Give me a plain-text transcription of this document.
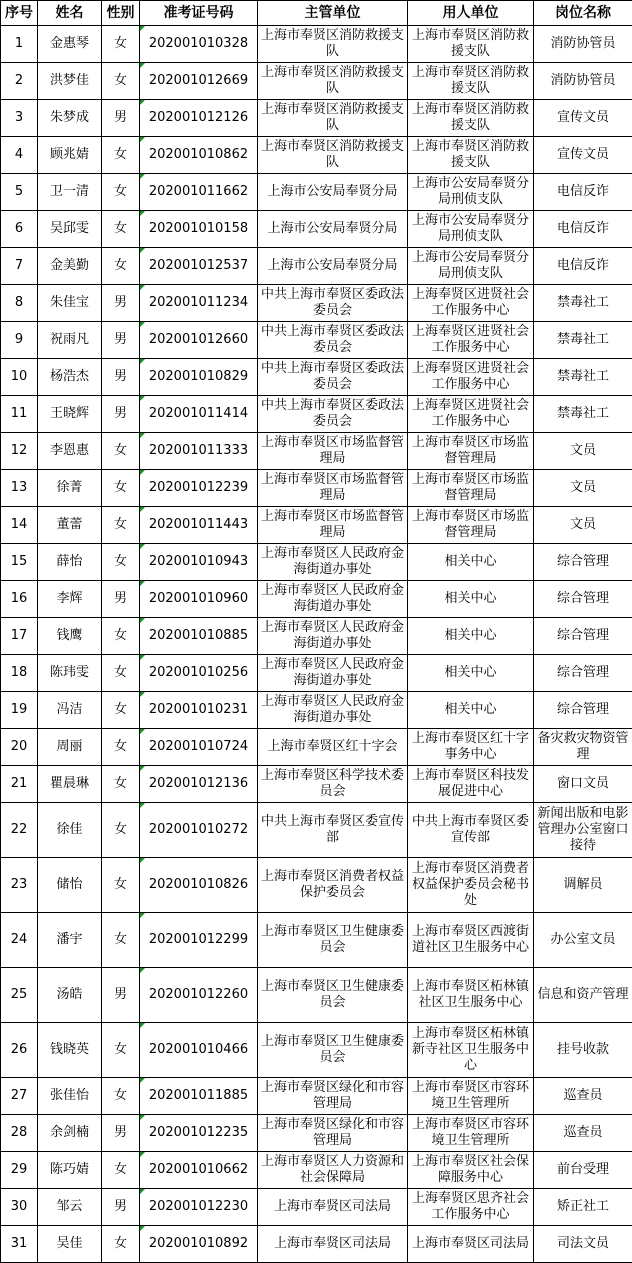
序号	姓名	性别	准考证号码	主管单位	用人单位	岗位名称
1	金惠琴	女	202001010328	上海市奉贤区消防救援支队	上海市奉贤区消防救援支队	消防协管员
2	洪梦佳	女	202001012669	上海市奉贤区消防救援支队	上海市奉贤区消防救援支队	消防协管员
3	朱梦成	男	202001012126	上海市奉贤区消防救援支队	上海市奉贤区消防救援支队	宣传文员
4	顾兆婧	女	202001010862	上海市奉贤区消防救援支队	上海市奉贤区消防救援支队	宣传文员
5	卫一清	女	202001011662	上海市公安局奉贤分局	上海市公安局奉贤分局刑侦支队	电信反诈
6	吴邱雯	女	202001010158	上海市公安局奉贤分局	上海市公安局奉贤分局刑侦支队	电信反诈
7	金美勤	女	202001012537	上海市公安局奉贤分局	上海市公安局奉贤分局刑侦支队	电信反诈
8	朱佳宝	男	202001011234	中共上海市奉贤区委政法委员会	上海奉贤区进贤社会工作服务中心	禁毒社工
9	祝雨凡	男	202001012660	中共上海市奉贤区委政法委员会	上海奉贤区进贤社会工作服务中心	禁毒社工
10	杨浩杰	男	202001010829	中共上海市奉贤区委政法委员会	上海奉贤区进贤社会工作服务中心	禁毒社工
11	王晓辉	男	202001011414	中共上海市奉贤区委政法委员会	上海奉贤区进贤社会工作服务中心	禁毒社工
12	李恩惠	女	202001011333	上海市奉贤区市场监督管理局	上海市奉贤区市场监督管理局	文员
13	徐菁	女	202001012239	上海市奉贤区市场监督管理局	上海市奉贤区市场监督管理局	文员
14	董蕾	女	202001011443	上海市奉贤区市场监督管理局	上海市奉贤区市场监督管理局	文员
15	薛怡	女	202001010943	上海市奉贤区人民政府金海街道办事处	相关中心	综合管理
16	李辉	男	202001010960	上海市奉贤区人民政府金海街道办事处	相关中心	综合管理
17	钱鹰	女	202001010885	上海市奉贤区人民政府金海街道办事处	相关中心	综合管理
18	陈玮雯	女	202001010256	上海市奉贤区人民政府金海街道办事处	相关中心	综合管理
19	冯洁	女	202001010231	上海市奉贤区人民政府金海街道办事处	相关中心	综合管理
20	周丽	女	202001010724	上海市奉贤区红十字会	上海市奉贤区红十字事务中心	备灾救灾物资管理
21	瞿晨琳	女	202001012136	上海市奉贤区科学技术委员会	上海市奉贤区科技发展促进中心	窗口文员
22	徐佳	女	202001010272	中共上海市奉贤区委宣传部	中共上海市奉贤区委宣传部	新闻出版和电影管理办公室窗口接待
23	储怡	女	202001010826	上海市奉贤区消费者权益保护委员会	上海市奉贤区消费者权益保护委员会秘书处	调解员
24	潘宇	女	202001012299	上海市奉贤区卫生健康委员会	上海市奉贤区西渡街道社区卫生服务中心	办公室文员
25	汤皓	男	202001012260	上海市奉贤区卫生健康委员会	上海市奉贤区柘林镇社区卫生服务中心	信息和资产管理
26	钱晓英	女	202001010466	上海市奉贤区卫生健康委员会	上海市奉贤区柘林镇新寺社区卫生服务中心	挂号收款
27	张佳怡	女	202001011885	上海市奉贤区绿化和市容管理局	上海市奉贤区市容环境卫生管理所	巡查员
28	余剑楠	男	202001012235	上海市奉贤区绿化和市容管理局	上海市奉贤区市容环境卫生管理所	巡查员
29	陈巧婧	女	202001010662	上海市奉贤区人力资源和社会保障局	上海市奉贤区社会保障服务中心	前台受理
30	邹云	男	202001012230	上海市奉贤区司法局	上海奉贤区思齐社会工作服务中心	矫正社工
31	吴佳	女	202001010892	上海市奉贤区司法局	上海市奉贤区司法局	司法文员
